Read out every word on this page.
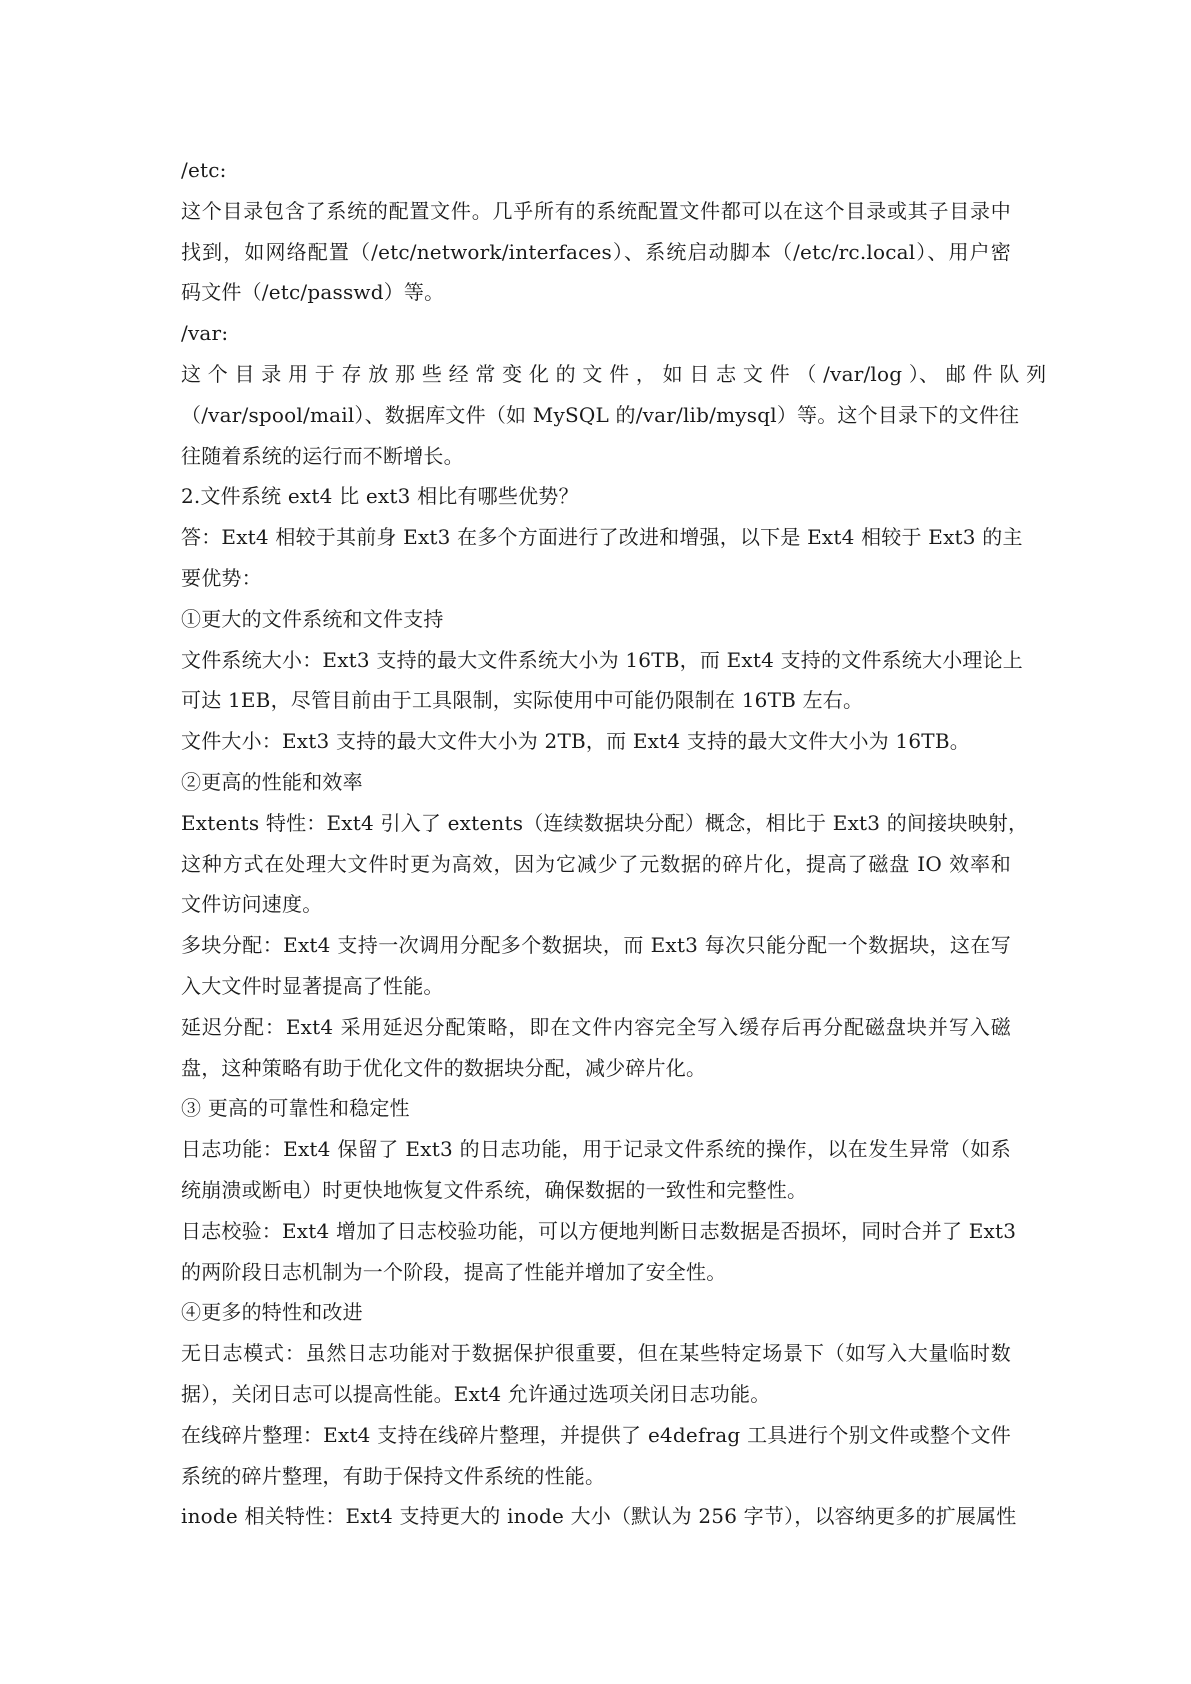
/etc:

这个目录包含了系统的配置文件。几乎所有的系统配置文件都可以在这个目录或其子目录中

找到，如网络配置（/etc/network/interfaces）、系统启动脚本（/etc/rc.local）、用户密

码文件（/etc/passwd）等。

/var:

这 个 目 录 用 于 存 放 那 些 经 常 变 化 的 文 件 ， 如 日 志 文 件 （ /var/log ）、 邮 件 队 列

（/var/spool/mail）、数据库文件（如 MySQL 的/var/lib/mysql）等。这个目录下的文件往

往随着系统的运行而不断增长。

2.文件系统 ext4 比 ext3 相比有哪些优势？

答：Ext4 相较于其前身 Ext3 在多个方面进行了改进和增强，以下是 Ext4 相较于 Ext3 的主

要优势：

①更大的文件系统和文件支持

文件系统大小：Ext3 支持的最大文件系统大小为 16TB，而 Ext4 支持的文件系统大小理论上

可达 1EB，尽管目前由于工具限制，实际使用中可能仍限制在 16TB 左右。

文件大小：Ext3 支持的最大文件大小为 2TB，而 Ext4 支持的最大文件大小为 16TB。

②更高的性能和效率

Extents 特性：Ext4 引入了 extents（连续数据块分配）概念，相比于 Ext3 的间接块映射，

这种方式在处理大文件时更为高效，因为它减少了元数据的碎片化，提高了磁盘 IO 效率和

文件访问速度。

多块分配：Ext4 支持一次调用分配多个数据块，而 Ext3 每次只能分配一个数据块，这在写

入大文件时显著提高了性能。

延迟分配：Ext4 采用延迟分配策略，即在文件内容完全写入缓存后再分配磁盘块并写入磁

盘，这种策略有助于优化文件的数据块分配，减少碎片化。

③ 更高的可靠性和稳定性

日志功能：Ext4 保留了 Ext3 的日志功能，用于记录文件系统的操作，以在发生异常（如系

统崩溃或断电）时更快地恢复文件系统，确保数据的一致性和完整性。

日志校验：Ext4 增加了日志校验功能，可以方便地判断日志数据是否损坏，同时合并了 Ext3

的两阶段日志机制为一个阶段，提高了性能并增加了安全性。

④更多的特性和改进

无日志模式：虽然日志功能对于数据保护很重要，但在某些特定场景下（如写入大量临时数

据），关闭日志可以提高性能。Ext4 允许通过选项关闭日志功能。

在线碎片整理：Ext4 支持在线碎片整理，并提供了 e4defrag 工具进行个别文件或整个文件

系统的碎片整理，有助于保持文件系统的性能。

inode 相关特性：Ext4 支持更大的 inode 大小（默认为 256 字节），以容纳更多的扩展属性
